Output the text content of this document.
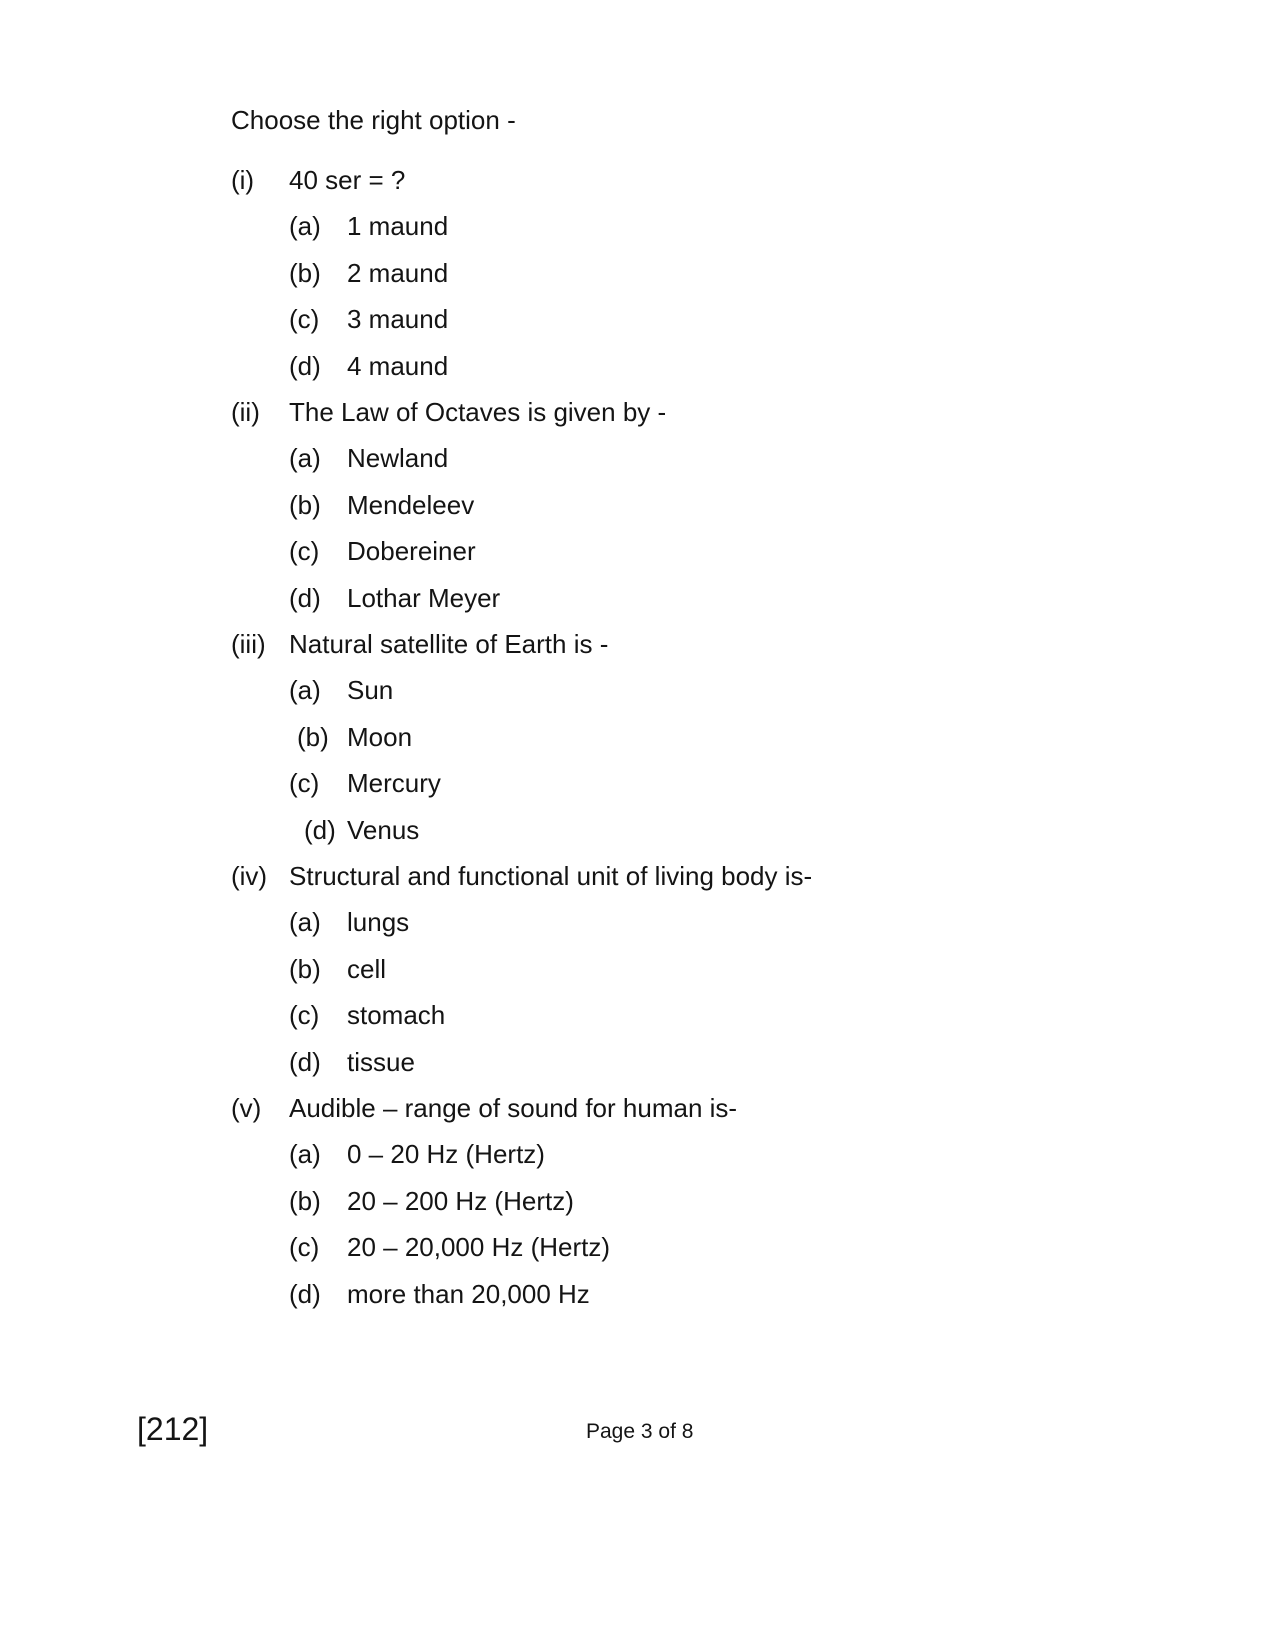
Choose the right option -
(i) 40 ser = ?
(a) 1 maund
(b) 2 maund
(c) 3 maund
(d) 4 maund
(ii) The Law of Octaves is given by -
(a) Newland
(b) Mendeleev
(c) Dobereiner
(d) Lothar Meyer
(iii) Natural satellite of Earth is -
(a) Sun
(b) Moon
(c) Mercury
(d) Venus
(iv) Structural and functional unit of living body is-
(a) lungs
(b) cell
(c) stomach
(d) tissue
(v) Audible – range of sound for human is-
(a) 0 – 20 Hz (Hertz)
(b) 20 – 200 Hz (Hertz)
(c) 20 – 20,000 Hz (Hertz)
(d) more than 20,000 Hz
[212]	Page 3 of 8
